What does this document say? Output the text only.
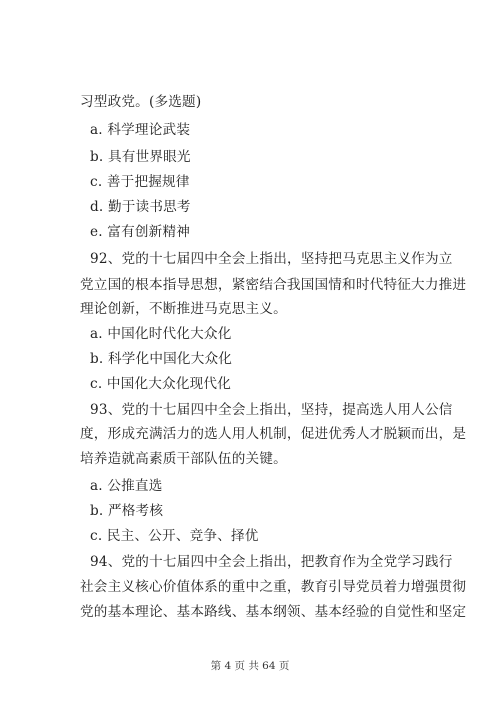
习型政党。(多选题)
a. 科学理论武装
b. 具有世界眼光
c. 善于把握规律
d. 勤于读书思考
e. 富有创新精神
92、党的十七届四中全会上指出，坚持把马克思主义作为立
党立国的根本指导思想，紧密结合我国国情和时代特征大力推进
理论创新，不断推进马克思主义。
a. 中国化时代化大众化
b. 科学化中国化大众化
c. 中国化大众化现代化
93、党的十七届四中全会上指出，坚持，提高选人用人公信
度，形成充满活力的选人用人机制，促进优秀人才脱颖而出，是
培养造就高素质干部队伍的关键。
a. 公推直选
b. 严格考核
c. 民主、公开、竞争、择优
94、党的十七届四中全会上指出，把教育作为全党学习践行
社会主义核心价值体系的重中之重，教育引导党员着力增强贯彻
党的基本理论、基本路线、基本纲领、基本经验的自觉性和坚定
第 4 页 共 64 页
